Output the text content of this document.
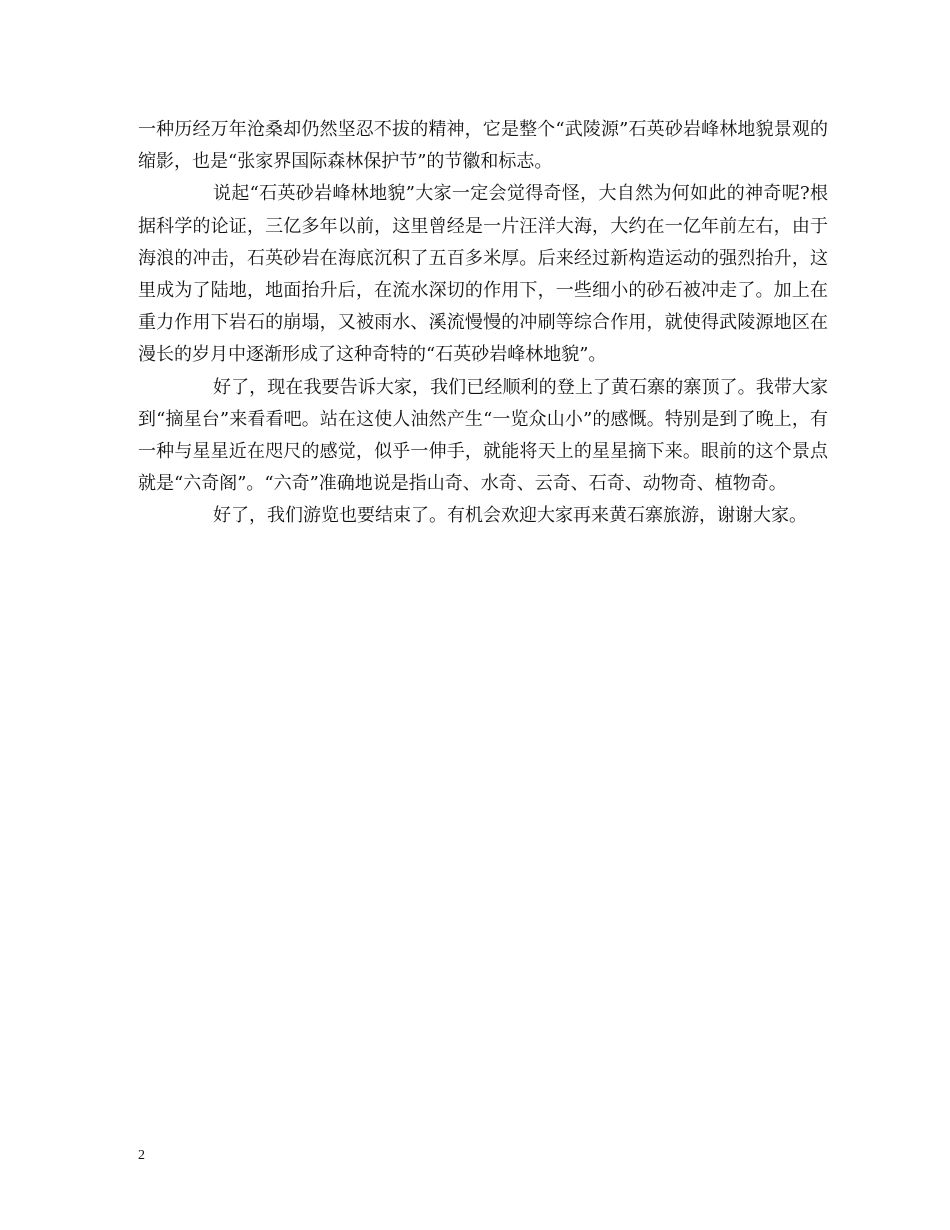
一种历经万年沧桑却仍然坚忍不拔的精神，它是整个“武陵源”石英砂岩峰林地貌景观的缩影，也是“张家界国际森林保护节”的节徽和标志。

说起“石英砂岩峰林地貌”大家一定会觉得奇怪，大自然为何如此的神奇呢?根据科学的论证，三亿多年以前，这里曾经是一片汪洋大海，大约在一亿年前左右，由于海浪的冲击，石英砂岩在海底沉积了五百多米厚。后来经过新构造运动的强烈抬升，这里成为了陆地，地面抬升后，在流水深切的作用下，一些细小的砂石被冲走了。加上在重力作用下岩石的崩塌，又被雨水、溪流慢慢的冲刷等综合作用，就使得武陵源地区在漫长的岁月中逐渐形成了这种奇特的“石英砂岩峰林地貌”。

好了，现在我要告诉大家，我们已经顺利的登上了黄石寨的寨顶了。我带大家到“摘星台”来看看吧。站在这使人油然产生“一览众山小”的感慨。特别是到了晚上，有一种与星星近在咫尺的感觉，似乎一伸手，就能将天上的星星摘下来。眼前的这个景点就是“六奇阁”。“六奇”准确地说是指山奇、水奇、云奇、石奇、动物奇、植物奇。

好了，我们游览也要结束了。有机会欢迎大家再来黄石寨旅游，谢谢大家。

2
